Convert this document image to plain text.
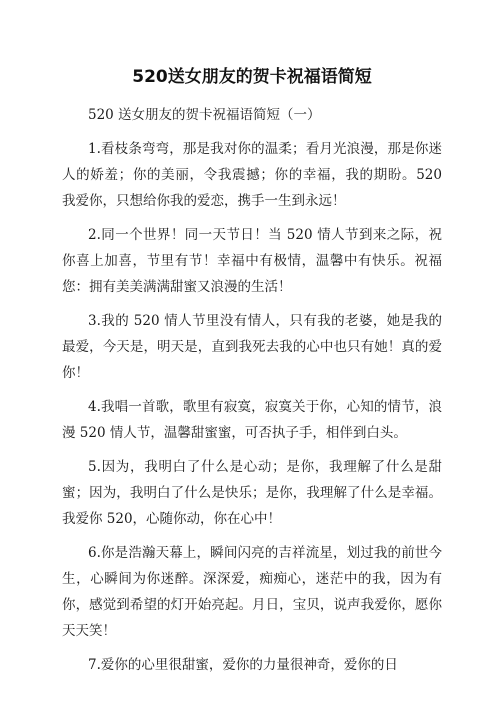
520送女朋友的贺卡祝福语简短

520 送女朋友的贺卡祝福语简短（一）

1.看枝条弯弯，那是我对你的温柔；看月光浪漫，那是你迷人的娇羞；你的美丽，令我震撼；你的幸福，我的期盼。520 我爱你，只想给你我的爱恋，携手一生到永远！

2.同一个世界！同一天节日！当 520 情人节到来之际，祝你喜上加喜，节里有节！幸福中有极情，温馨中有快乐。祝福您：拥有美美满满甜蜜又浪漫的生活！

3.我的 520 情人节里没有情人，只有我的老婆，她是我的最爱，今天是，明天是，直到我死去我的心中也只有她！真的爱你！

4.我唱一首歌，歌里有寂寞，寂寞关于你，心知的情节，浪漫 520 情人节，温馨甜蜜蜜，可否执子手，相伴到白头。

5.因为，我明白了什么是心动；是你，我理解了什么是甜蜜；因为，我明白了什么是快乐；是你，我理解了什么是幸福。我爱你 520，心随你动，你在心中！

6.你是浩瀚天幕上，瞬间闪亮的吉祥流星，划过我的前世今生，心瞬间为你迷醉。深深爱，痴痴心，迷茫中的我，因为有你，感觉到希望的灯开始亮起。月日，宝贝，说声我爱你，愿你天天笑！

7.爱你的心里很甜蜜，爱你的力量很神奇，爱你的日
